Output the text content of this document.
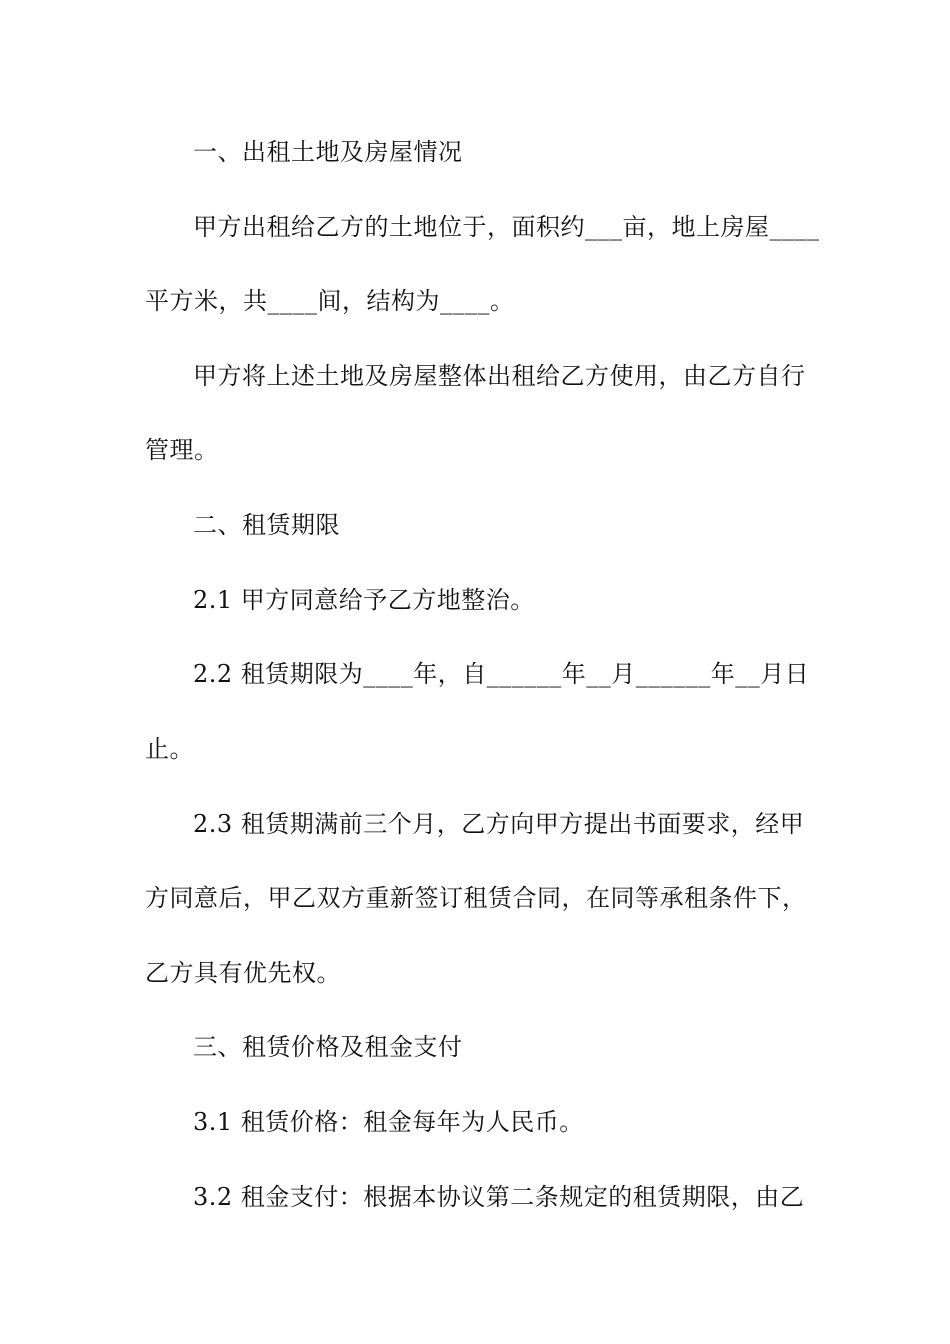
一、出租土地及房屋情况
甲方出租给乙方的土地位于，面积约___亩，地上房屋____
平方米，共____间，结构为____。
甲方将上述土地及房屋整体出租给乙方使用，由乙方自行
管理。
二、租赁期限
2.1 甲方同意给予乙方地整治。
2.2 租赁期限为____年，自______年__月______年__月日
止。
2.3 租赁期满前三个月，乙方向甲方提出书面要求，经甲
方同意后，甲乙双方重新签订租赁合同，在同等承租条件下，
乙方具有优先权。
三、租赁价格及租金支付
3.1 租赁价格：租金每年为人民币。
3.2 租金支付：根据本协议第二条规定的租赁期限，由乙
